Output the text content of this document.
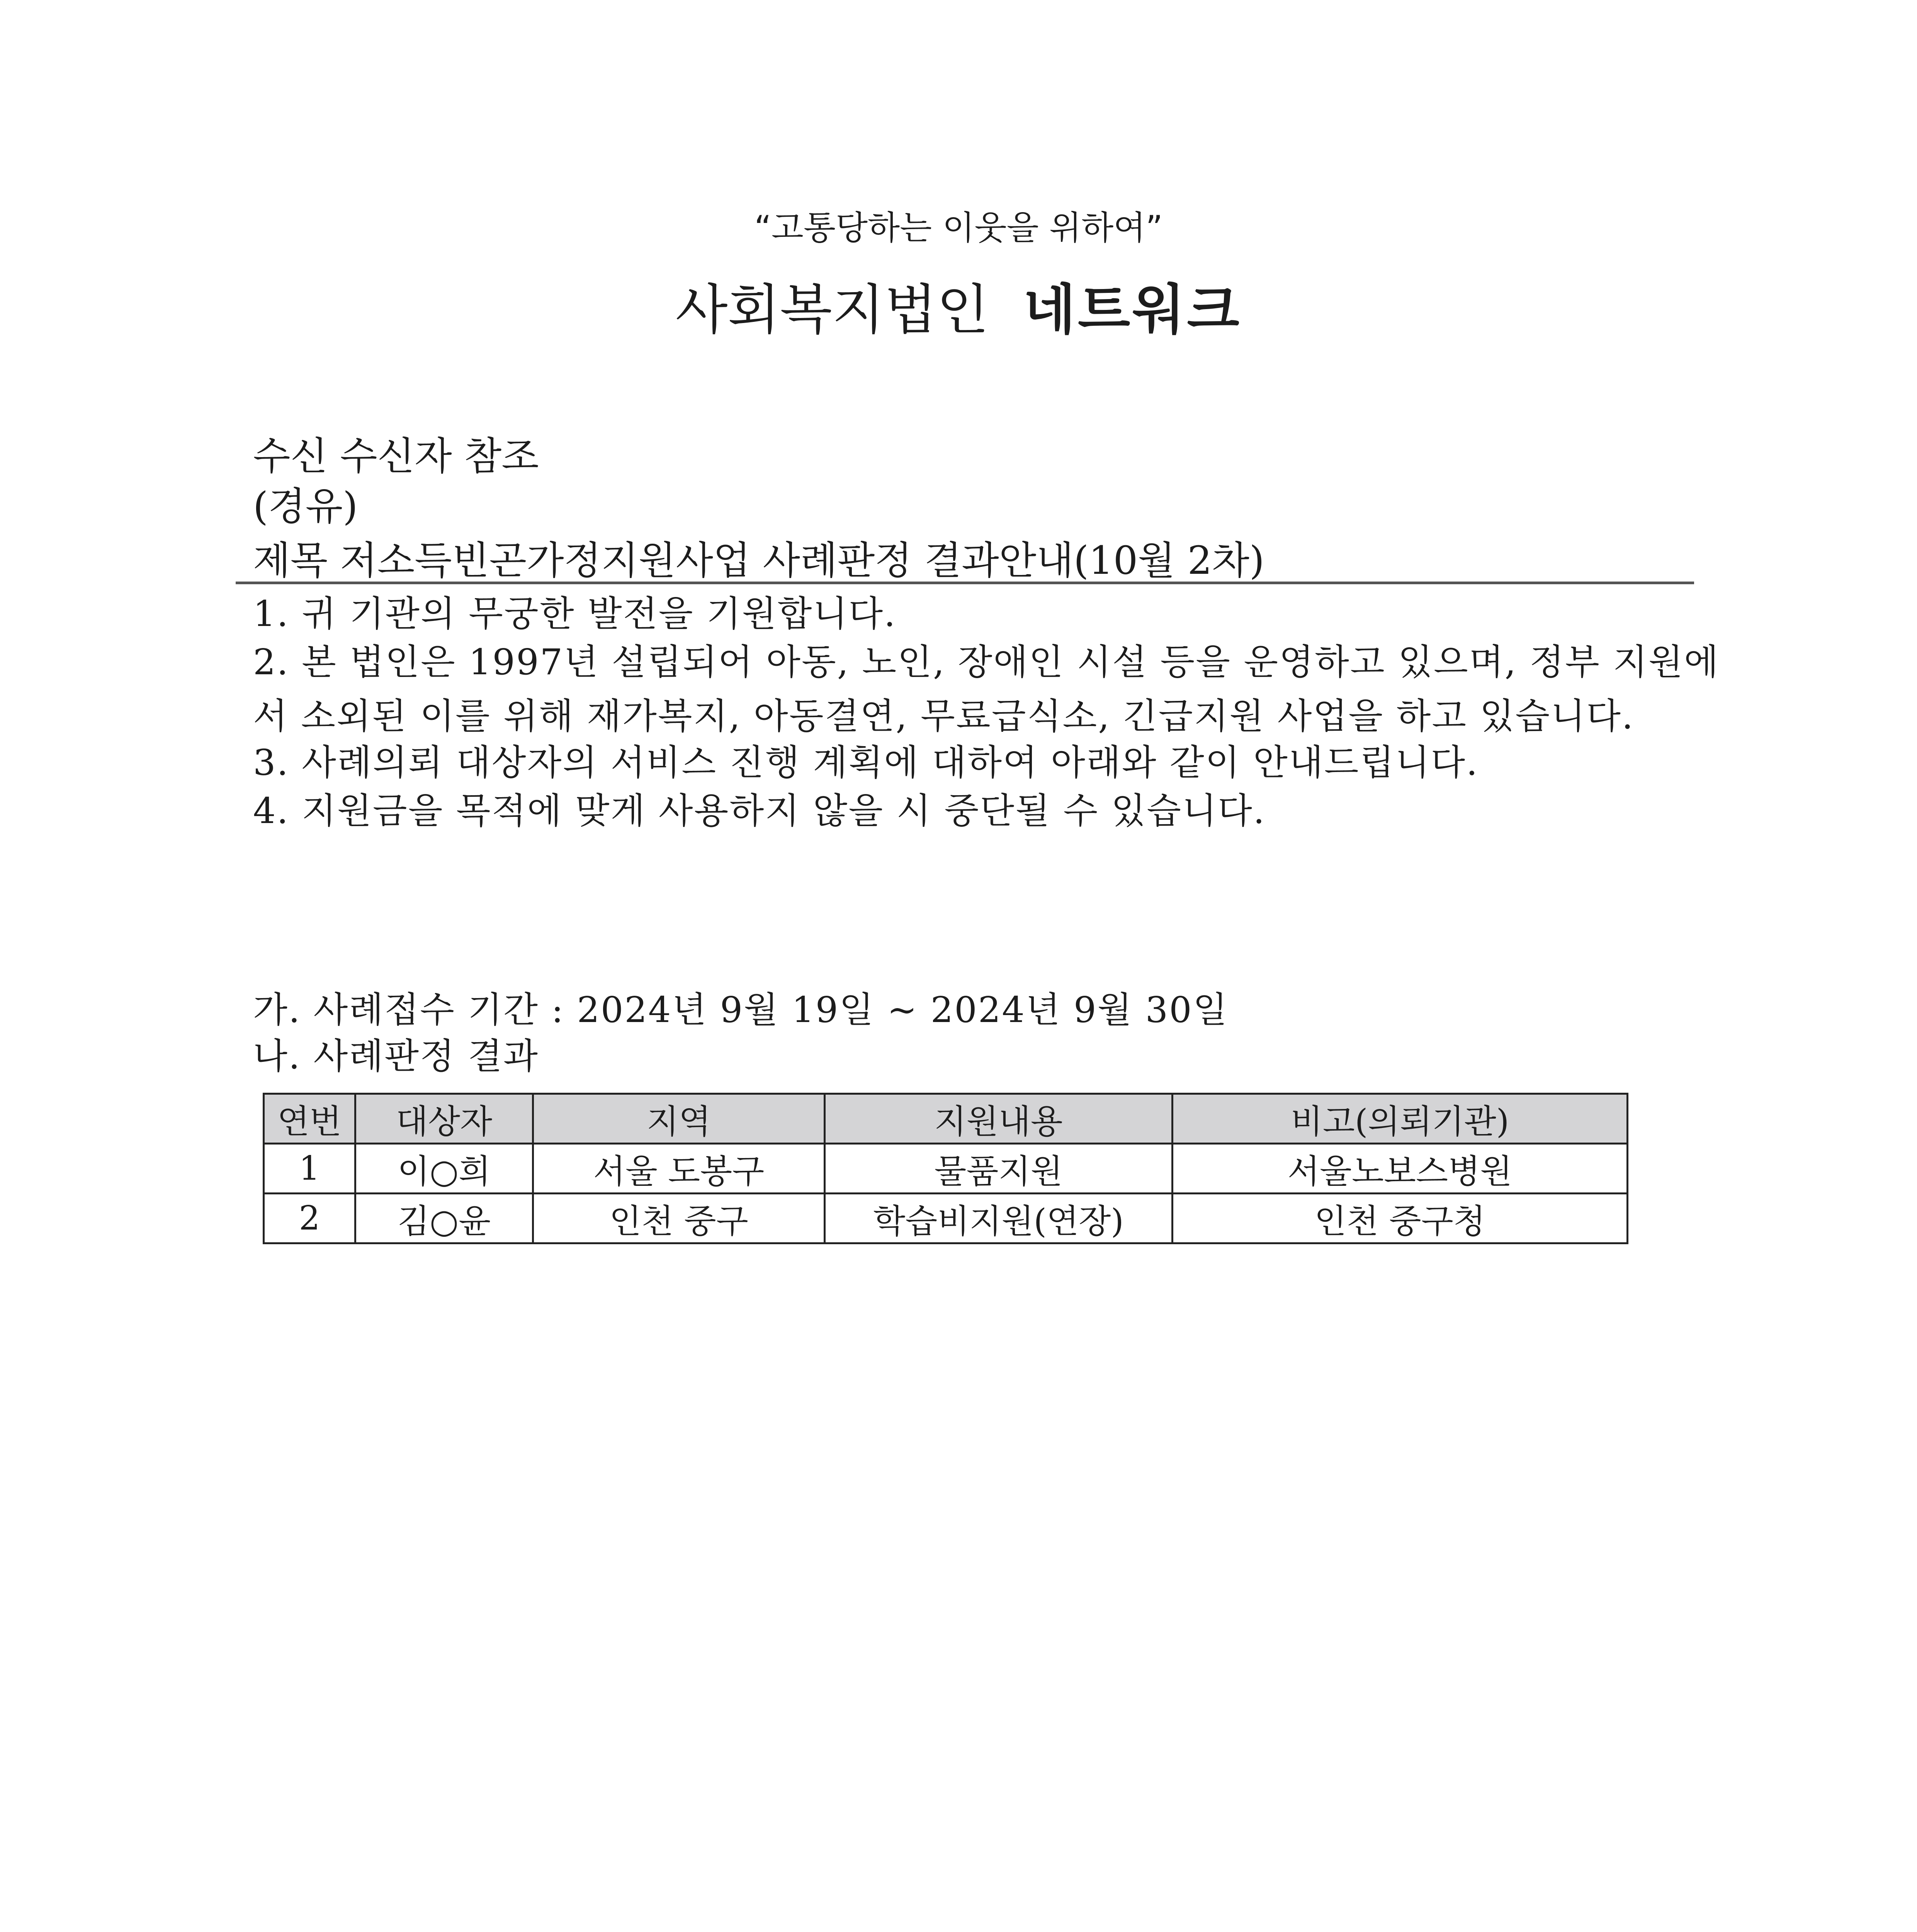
“고통당하는 이웃을 위하여”
사회복지법인 네트워크
수신 수신자 참조
(경유)
제목 저소득빈곤가정지원사업 사례판정 결과안내(10월 2차)
1. 귀 기관의 무궁한 발전을 기원합니다.
2. 본 법인은 1997년 설립되어 아동, 노인, 장애인 시설 등을 운영하고 있으며, 정부 지원에
서 소외된 이를 위해 재가복지, 아동결연, 무료급식소, 긴급지원 사업을 하고 있습니다.
3. 사례의뢰 대상자의 서비스 진행 계획에 대하여 아래와 같이 안내드립니다.
4. 지원금을 목적에 맞게 사용하지 않을 시 중단될 수 있습니다.
가. 사례접수 기간 : 2024년 9월 19일 ~ 2024년 9월 30일
나. 사례판정 결과
연번	대상자	지역	지원내용	비고(의뢰기관)
1	이○희	서울 도봉구	물품지원	서울노보스병원
2	김○윤	인천 중구	학습비지원(연장)	인천 중구청
